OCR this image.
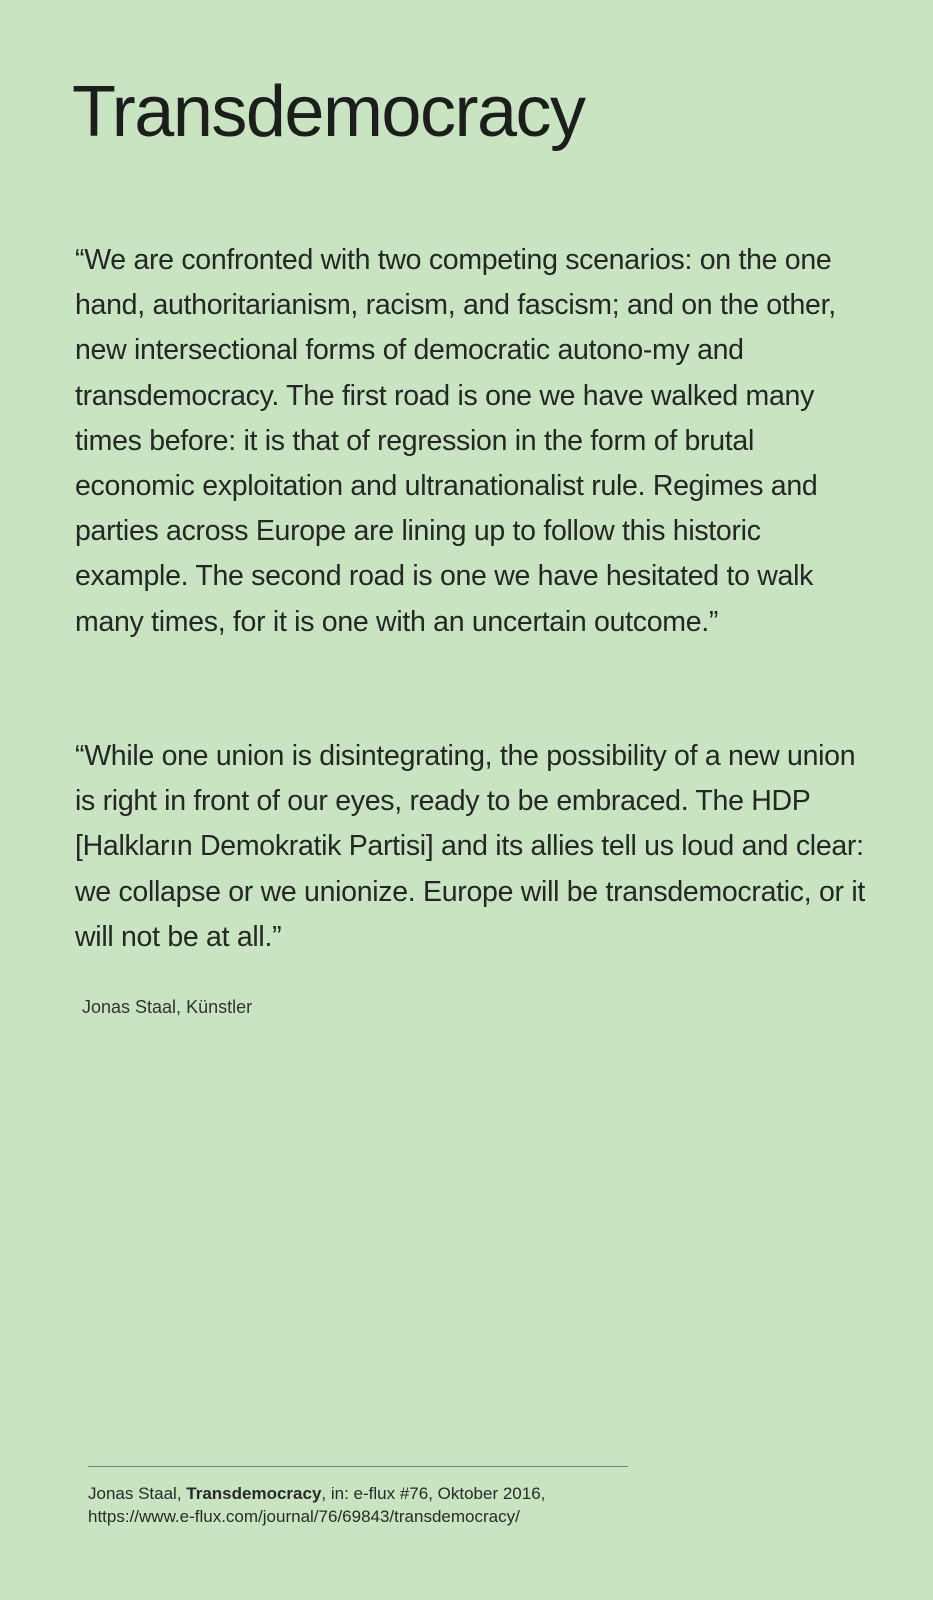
Transdemocracy

“We are confronted with two competing scenarios: on the one hand, authoritarianism, racism, and fascism; and on the other, new intersectional forms of democratic autono-my and transdemocracy. The first road is one we have walked many times before: it is that of regression in the form of brutal economic exploitation and ultranationalist rule. Regimes and parties across Europe are lining up to follow this historic example. The second road is one we have hesitated to walk many times, for it is one with an uncertain outcome.”

“While one union is disintegrating, the possibility of a new union is right in front of our eyes, ready to be embraced. The HDP [Halkların Demokratik Partisi] and its allies tell us loud and clear: we collapse or we unionize. Europe will be transdemocratic, or it will not be at all.”

Jonas Staal, Künstler

Jonas Staal, Transdemocracy, in: e-flux #76, Oktober 2016,
https://www.e-flux.com/journal/76/69843/transdemocracy/
